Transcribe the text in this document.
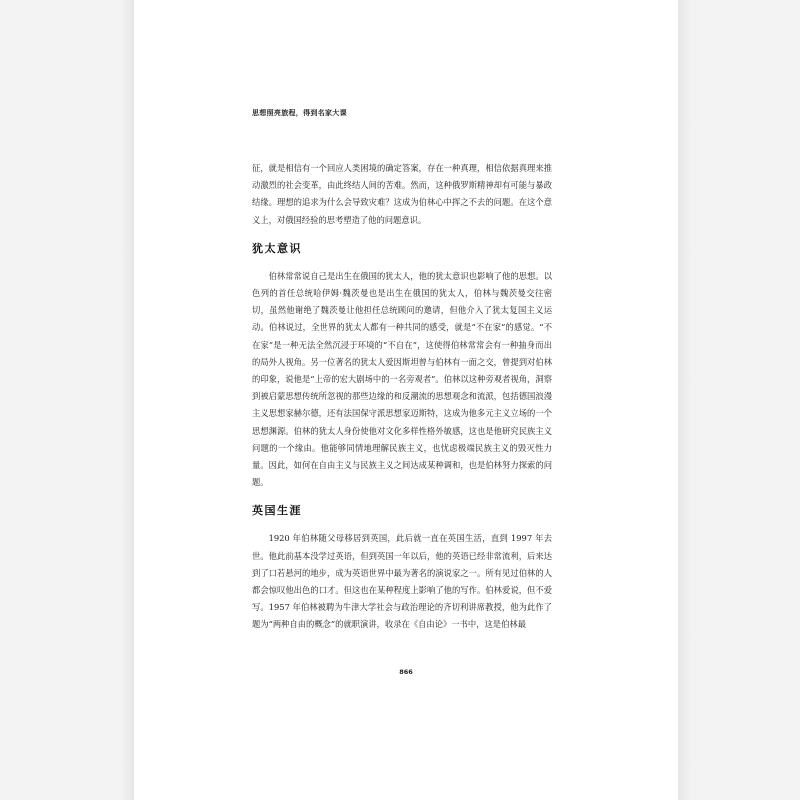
思想照亮旅程，得到名家大课

征，就是相信有一个回应人类困境的确定答案，存在一种真理，相信依据真理来推动激烈的社会变革，由此终结人间的苦难。然而，这种俄罗斯精神却有可能与暴政结缘。理想的追求为什么会导致灾难？这成为伯林心中挥之不去的问题。在这个意义上，对俄国经验的思考塑造了他的问题意识。

犹太意识

伯林常常说自己是出生在俄国的犹太人，他的犹太意识也影响了他的思想。以色列的首任总统哈伊姆·魏茨曼也是出生在俄国的犹太人，伯林与魏茨曼交往密切，虽然他谢绝了魏茨曼让他担任总统顾问的邀请，但他介入了犹太复国主义运动。伯林说过，全世界的犹太人都有一种共同的感受，就是“不在家”的感觉。“不在家”是一种无法全然沉浸于环境的“不自在”，这使得伯林常常会有一种抽身而出的局外人视角。另一位著名的犹太人爱因斯坦曾与伯林有一面之交，曾提到对伯林的印象，说他是“上帝的宏大剧场中的一名旁观者”。伯林以这种旁观者视角，洞察到被启蒙思想传统所忽视的那些边缘的和反潮流的思想观念和流派，包括德国浪漫主义思想家赫尔德，还有法国保守派思想家迈斯特，这成为他多元主义立场的一个思想渊源。伯林的犹太人身份使他对文化多样性格外敏感，这也是他研究民族主义问题的一个缘由。他能够同情地理解民族主义，也忧虑极端民族主义的毁灭性力量。因此，如何在自由主义与民族主义之间达成某种调和，也是伯林努力探索的问题。

英国生涯

1920 年伯林随父母移居到英国，此后就一直在英国生活，直到 1997 年去世。他此前基本没学过英语，但到英国一年以后，他的英语已经非常流利，后来达到了口若悬河的地步，成为英语世界中最为著名的演说家之一。所有见过伯林的人都会惊叹他出色的口才。但这也在某种程度上影响了他的写作。伯林爱说，但不爱写。1957 年伯林被聘为牛津大学社会与政治理论的齐切利讲席教授，他为此作了题为“两种自由的概念”的就职演讲，收录在《自由论》一书中，这是伯林最

866
